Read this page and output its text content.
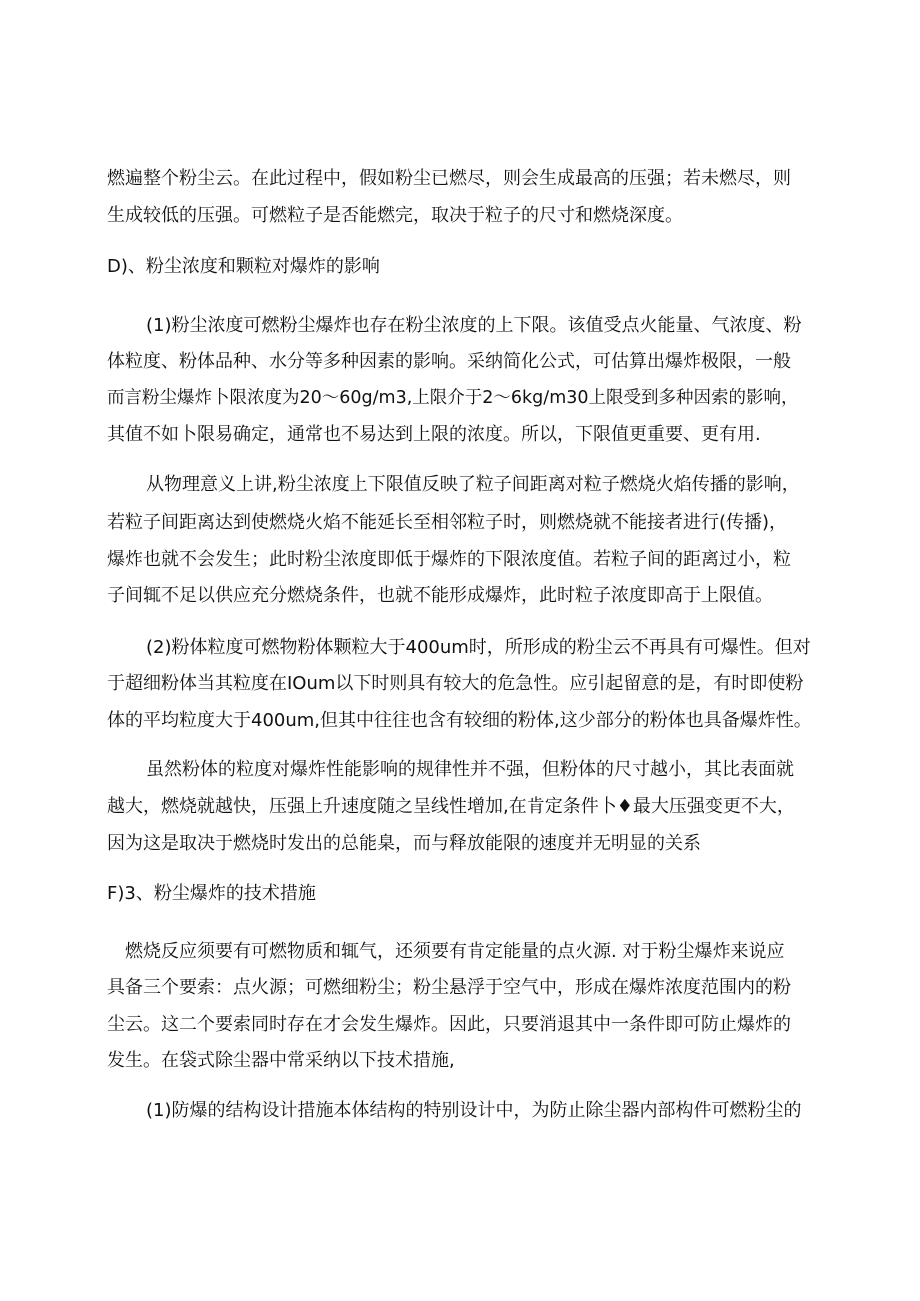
燃遍整个粉尘云。在此过程中，假如粉尘已燃尽，则会生成最高的压强；若未燃尽，则
生成较低的压强。可燃粒子是否能燃完，取决于粒子的尺寸和燃烧深度。
D)、粉尘浓度和颗粒对爆炸的影响
(1)粉尘浓度可燃粉尘爆炸也存在粉尘浓度的上下限。该值受点火能量、气浓度、粉
体粒度、粉体品种、水分等多种因素的影响。采纳简化公式，可估算出爆炸极限，一般
而言粉尘爆炸卜限浓度为20～60g∕m3,上限介于2～6kg∕m30上限受到多种因索的影响，
其值不如卜限易确定，通常也不易达到上限的浓度。所以，下限值更重要、更有用.
从物理意义上讲,粉尘浓度上下限值反映了粒子间距离对粒子燃烧火焰传播的影响，
若粒子间距离达到使燃烧火焰不能延长至相邻粒子时，则燃烧就不能接者进行(传播)，
爆炸也就不会发生；此时粉尘浓度即低于爆炸的下限浓度值。若粒子间的距离过小，粒
子间辄不足以供应充分燃烧条件，也就不能形成爆炸，此时粒子浓度即高于上限值。
(2)粉体粒度可燃物粉体颗粒大于400um时，所形成的粉尘云不再具有可爆性。但对
于超细粉体当其粒度在IOum以下时则具有较大的危急性。应引起留意的是，有时即使粉
体的平均粒度大于400um,但其中往往也含有较细的粉体,这少部分的粉体也具备爆炸性。
虽然粉体的粒度对爆炸性能影响的规律性并不强，但粉体的尺寸越小，其比表面就
越大，燃烧就越快，压强上升速度随之呈线性增加,在肯定条件卜♦最大压强变更不大，
因为这是取决于燃烧时发出的总能臬，而与释放能限的速度并无明显的关系
F)3、粉尘爆炸的技术措施
燃烧反应须要有可燃物质和辄气，还须要有肯定能量的点火源. 对于粉尘爆炸来说应
具备三个要索：点火源；可燃细粉尘；粉尘悬浮于空气中，形成在爆炸浓度范围内的粉
尘云。这二个要索同时存在才会发生爆炸。因此，只要消退其中一条件即可防止爆炸的
发生。在袋式除尘器中常采纳以下技术措施,
(1)防爆的结构设计措施本体结构的特别设计中，为防止除尘器内部构件可燃粉尘的
